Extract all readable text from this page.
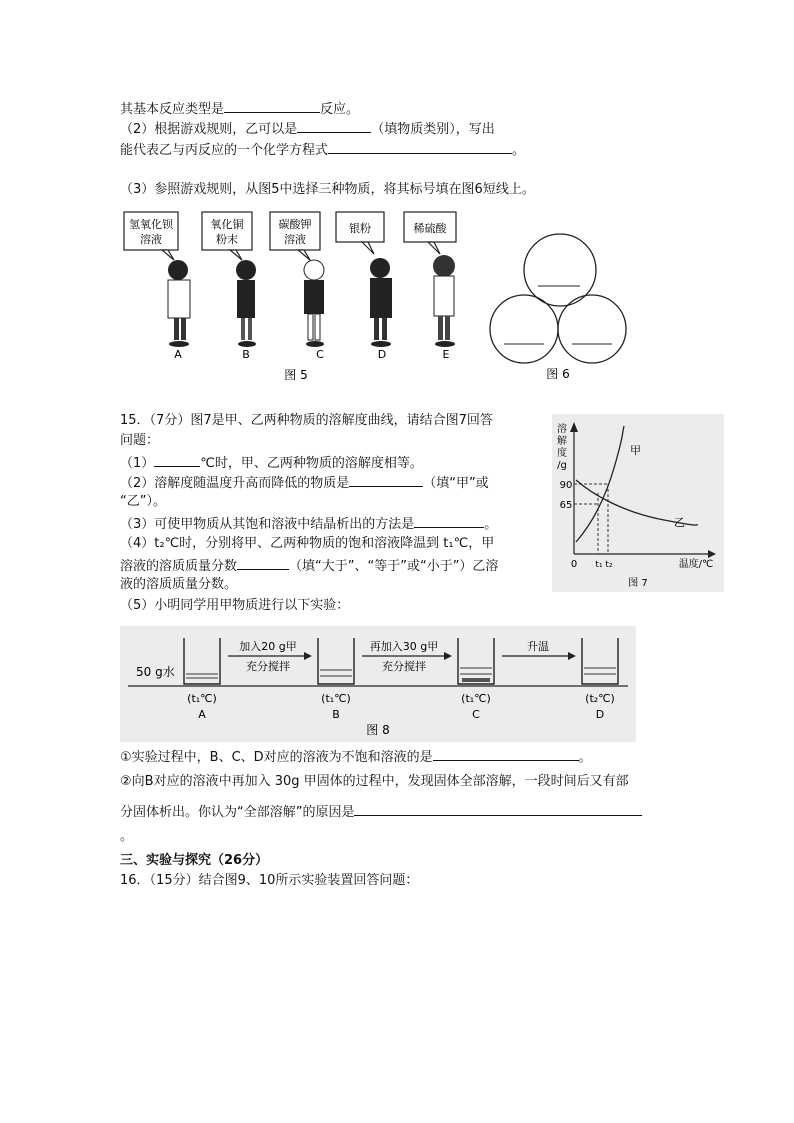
其基本反应类型是	反应。
（2）根据游戏规则，乙可以是	（填物质类别），写出
能代表乙与丙反应的一个化学方程式	。
（3）参照游戏规则，从图5中选择三种物质，将其标号填在图6短线上。
氢氧化钡
溶液
A
氧化铜
粉末
B
碳酸钾
溶液
C
银粉
D
稀硫酸
E
图 5	图 6
15．（7分）图7是甲、乙两种物质的溶解度曲线，请结合图7回答
问题：
（1）	℃时，甲、乙两种物质的溶解度相等。
（2）溶解度随温度升高而降低的物质是	（填“甲”或
“乙”）。
（3）可使甲物质从其饱和溶液中结晶析出的方法是	。
（4）t₂℃时，分别将甲、乙两种物质的饱和溶液降温到 t₁℃，甲
溶液的溶质质量分数	（填“大于”、“等于”或“小于”）乙溶
液的溶质质量分数。
（5）小明同学用甲物质进行以下实验：
溶
解
度
/g
90
65
0 t₁ t₂	温度/℃
甲
乙
图 7
50 g水
(t₁℃)
A
(t₁℃)
B
(t₁℃)
C
(t₂℃)
D
加入20 g甲
充分搅拌
再加入30 g甲
充分搅拌
升温
图 8
①实验过程中，B、C、D对应的溶液为不饱和溶液的是	。
②向B对应的溶液中再加入 30g 甲固体的过程中，发现固体全部溶解，一段时间后又有部
分固体析出。你认为“全部溶解”的原因是
。
三、实验与探究（26分）
16．（15分）结合图9、10所示实验装置回答问题：
